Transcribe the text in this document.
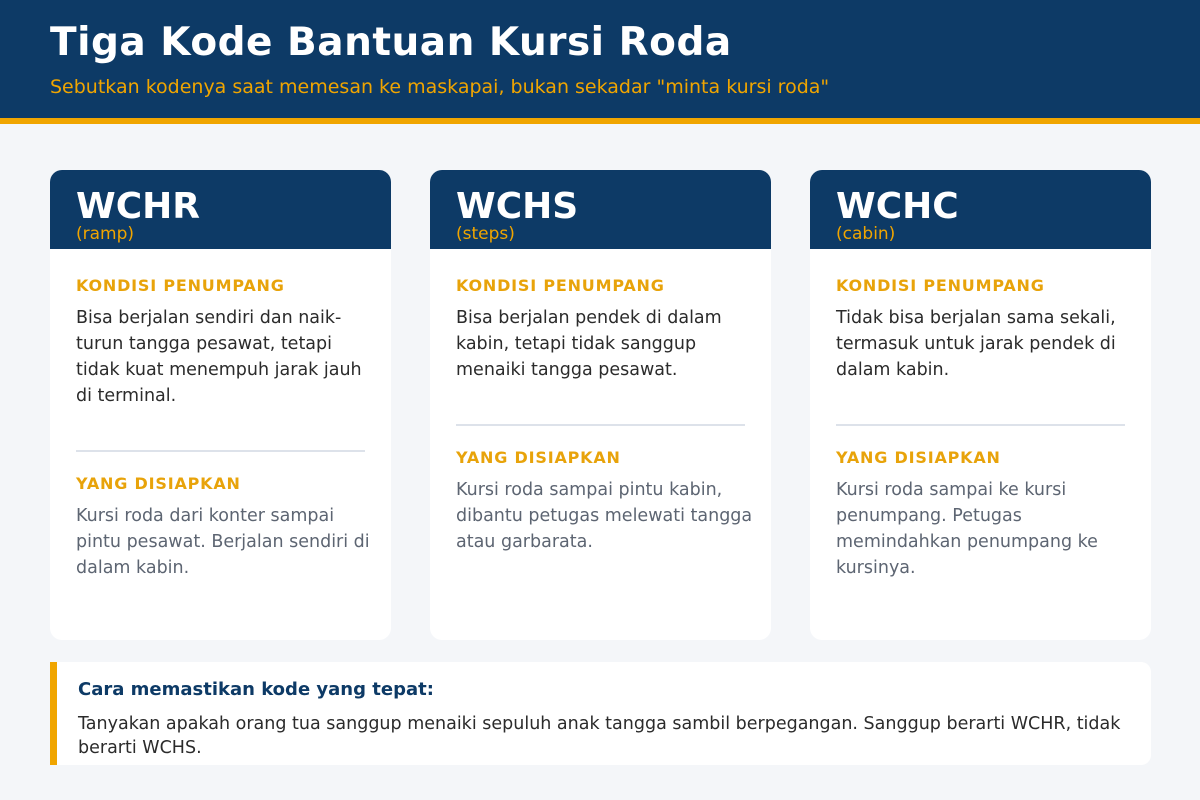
Tiga Kode Bantuan Kursi Roda
Sebutkan kodenya saat memesan ke maskapai, bukan sekadar "minta kursi roda"
WCHR
(ramp)
KONDISI PENUMPANG
Bisa berjalan sendiri dan naik-turun tangga pesawat, tetapi tidak kuat menempuh jarak jauh di terminal.
YANG DISIAPKAN
Kursi roda dari konter sampai pintu pesawat. Berjalan sendiri di dalam kabin.
WCHS
(steps)
KONDISI PENUMPANG
Bisa berjalan pendek di dalam kabin, tetapi tidak sanggup menaiki tangga pesawat.
YANG DISIAPKAN
Kursi roda sampai pintu kabin, dibantu petugas melewati tangga atau garbarata.
WCHC
(cabin)
KONDISI PENUMPANG
Tidak bisa berjalan sama sekali, termasuk untuk jarak pendek di dalam kabin.
YANG DISIAPKAN
Kursi roda sampai ke kursi penumpang. Petugas memindahkan penumpang ke kursinya.
Cara memastikan kode yang tepat:
Tanyakan apakah orang tua sanggup menaiki sepuluh anak tangga sambil berpegangan. Sanggup berarti WCHR, tidak berarti WCHS.
